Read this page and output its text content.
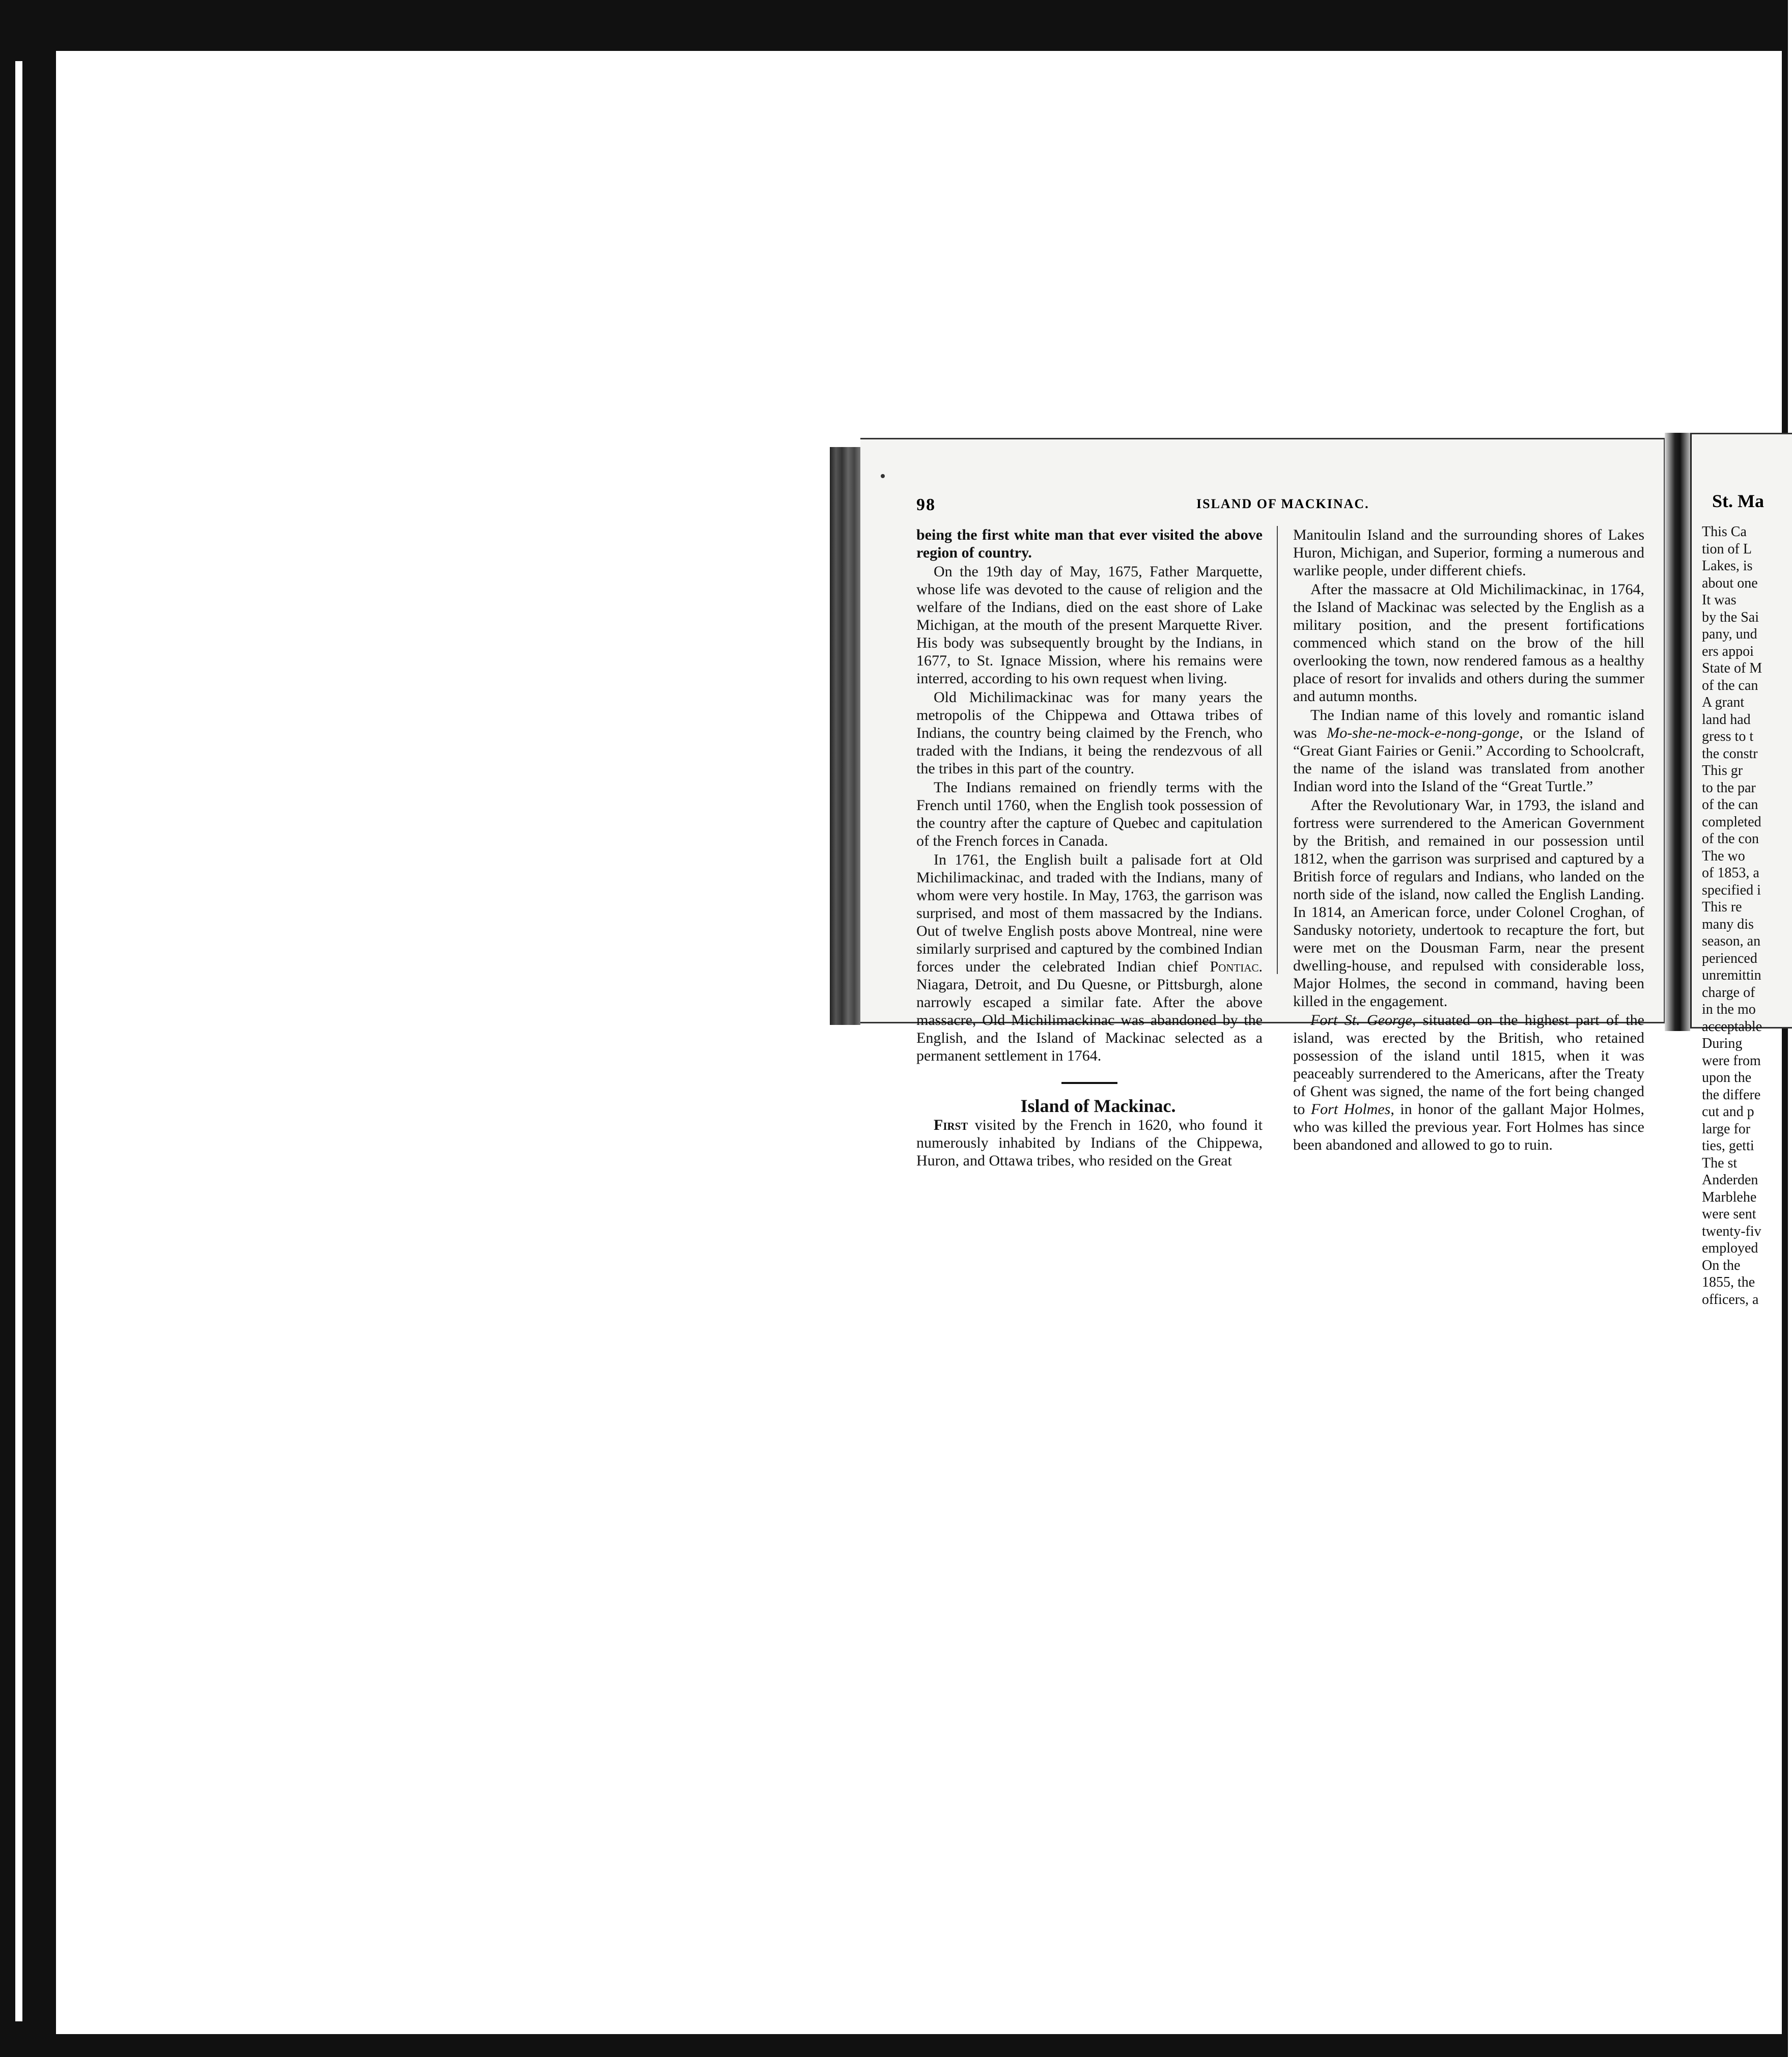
98	ISLAND OF MACKINAC.

being the first white man that ever visited the above region of country.

On the 19th day of May, 1675, Father Marquette, whose life was devoted to the cause of religion and the welfare of the Indians, died on the east shore of Lake Michigan, at the mouth of the present Marquette River. His body was subsequently brought by the Indians, in 1677, to St. Ignace Mission, where his remains were interred, according to his own request when living.

Old Michilimackinac was for many years the metropolis of the Chippewa and Ottawa tribes of Indians, the country being claimed by the French, who traded with the Indians, it being the rendezvous of all the tribes in this part of the country.

The Indians remained on friendly terms with the French until 1760, when the English took possession of the country after the capture of Quebec and capitulation of the French forces in Canada.

In 1761, the English built a palisade fort at Old Michilimackinac, and traded with the Indians, many of whom were very hostile. In May, 1763, the garrison was surprised, and most of them massacred by the Indians. Out of twelve English posts above Montreal, nine were similarly surprised and captured by the combined Indian forces under the celebrated Indian chief Pontiac. Niagara, Detroit, and Du Quesne, or Pittsburgh, alone narrowly escaped a similar fate. After the above massacre, Old Michilimackinac was abandoned by the English, and the Island of Mackinac selected as a permanent settlement in 1764.

Island of Mackinac.

First visited by the French in 1620, who found it numerously inhabited by Indians of the Chippewa, Huron, and Ottawa tribes, who resided on the Great

Manitoulin Island and the surrounding shores of Lakes Huron, Michigan, and Superior, forming a numerous and warlike people, under different chiefs.

After the massacre at Old Michilimackinac, in 1764, the Island of Mackinac was selected by the English as a military position, and the present fortifications commenced which stand on the brow of the hill overlooking the town, now rendered famous as a healthy place of resort for invalids and others during the summer and autumn months.

The Indian name of this lovely and romantic island was Mo-she-ne-mock-e-nong-gonge, or the Island of “Great Giant Fairies or Genii.” According to Schoolcraft, the name of the island was translated from another Indian word into the Island of the “Great Turtle.”

After the Revolutionary War, in 1793, the island and fortress were surrendered to the American Government by the British, and remained in our possession until 1812, when the garrison was surprised and captured by a British force of regulars and Indians, who landed on the north side of the island, now called the English Landing. In 1814, an American force, under Colonel Croghan, of Sandusky notoriety, undertook to recapture the fort, but were met on the Dousman Farm, near the present dwelling-house, and repulsed with considerable loss, Major Holmes, the second in command, having been killed in the engagement.

Fort St. George, situated on the highest part of the island, was erected by the British, who retained possession of the island until 1815, when it was peaceably surrendered to the Americans, after the Treaty of Ghent was signed, the name of the fort being changed to Fort Holmes, in honor of the gallant Major Holmes, who was killed the previous year. Fort Holmes has since been abandoned and allowed to go to ruin.

St. Ma
This Ca
tion of L
Lakes, is
about one
It was
by the Sai
pany, und
ers appoi
State of M
of the can
A grant
land had
gress to t
the constr
This gr
to the par
of the can
completed
of the con
The wo
of 1853, a
specified i
This re
many dis
season, an
perienced
unremittin
charge of
in the mo
acceptable
During
were from
upon the
the differe
cut and p
large for
ties, getti
The st
Anderden
Marblehe
were sent
twenty-fiv
employed
On the
1855, the
officers, a
